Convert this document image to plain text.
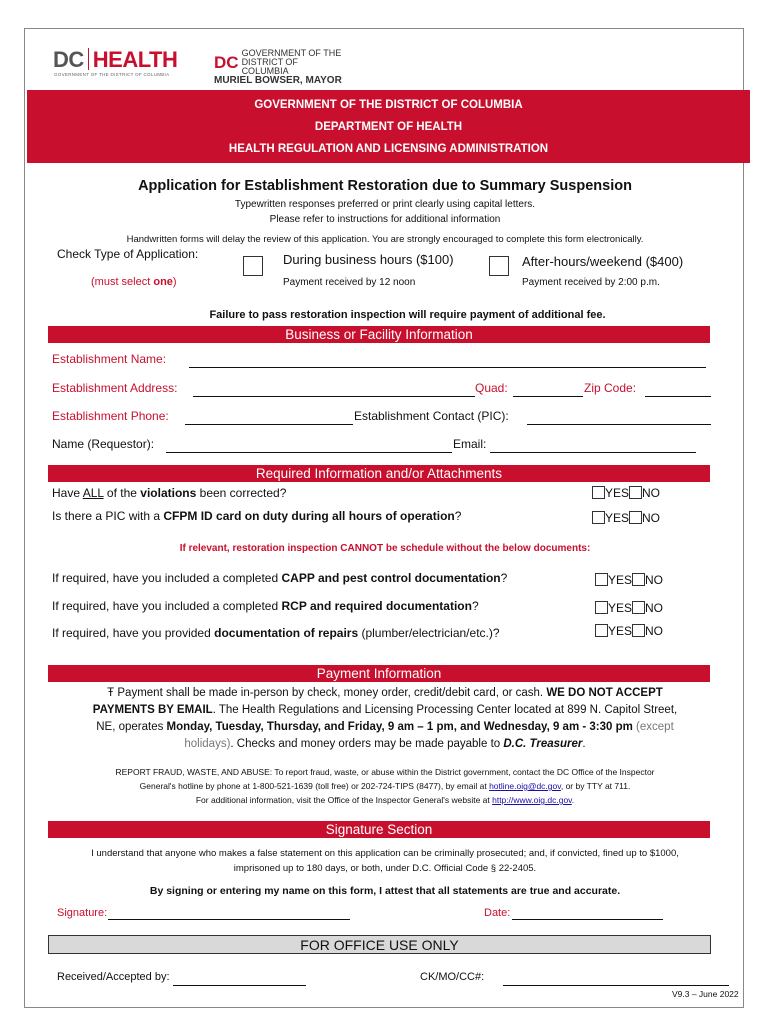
DC HEALTH
GOVERNMENT OF THE DISTRICT OF COLUMBIA
DC GOVERNMENT OF THE
DISTRICT OF COLUMBIA
MURIEL BOWSER, MAYOR
GOVERNMENT OF THE DISTRICT OF COLUMBIA
DEPARTMENT OF HEALTH
HEALTH REGULATION AND LICENSING ADMINISTRATION
Application for Establishment Restoration due to Summary Suspension
Typewritten responses preferred or print clearly using capital letters.
Please refer to instructions for additional information
Handwritten forms will delay the review of this application. You are strongly encouraged to complete this form electronically.
Check Type of Application:
(must select one)
During business hours ($100)
Payment received by 12 noon
After-hours/weekend ($400)
Payment received by 2:00 p.m.
Failure to pass restoration inspection will require payment of additional fee.
Business or Facility Information
Establishment Name:
Establishment Address:	Quad:	Zip Code:
Establishment Phone:	Establishment Contact (PIC):
Name (Requestor):	Email:
Required Information and/or Attachments
Have ALL of the violations been corrected?	YES NO
Is there a PIC with a CFPM ID card on duty during all hours of operation?	YES NO
If relevant, restoration inspection CANNOT be schedule without the below documents:
If required, have you included a completed CAPP and pest control documentation?	YES NO
If required, have you included a completed RCP and required documentation?	YES NO
If required, have you provided documentation of repairs (plumber/electrician/etc.)?	YES NO
Payment Information
Ŧ Payment shall be made in-person by check, money order, credit/debit card, or cash. WE DO NOT ACCEPT
PAYMENTS BY EMAIL. The Health Regulations and Licensing Processing Center located at 899 N. Capitol Street,
NE, operates Monday, Tuesday, Thursday, and Friday, 9 am – 1 pm, and Wednesday, 9 am - 3:30 pm (except
holidays). Checks and money orders may be made payable to D.C. Treasurer.
REPORT FRAUD, WASTE, AND ABUSE: To report fraud, waste, or abuse within the District government, contact the DC Office of the Inspector
General's hotline by phone at 1-800-521-1639 (toll free) or 202-724-TIPS (8477), by email at hotline.oig@dc.gov, or by TTY at 711.
For additional information, visit the Office of the Inspector General's website at http://www.oig.dc.gov.
Signature Section
I understand that anyone who makes a false statement on this application can be criminally prosecuted; and, if convicted, fined up to $1000,
imprisoned up to 180 days, or both, under D.C. Official Code § 22-2405.
By signing or entering my name on this form, I attest that all statements are true and accurate.
Signature:	Date:
FOR OFFICE USE ONLY
Received/Accepted by:	CK/MO/CC#:
V9.3 – June 2022
